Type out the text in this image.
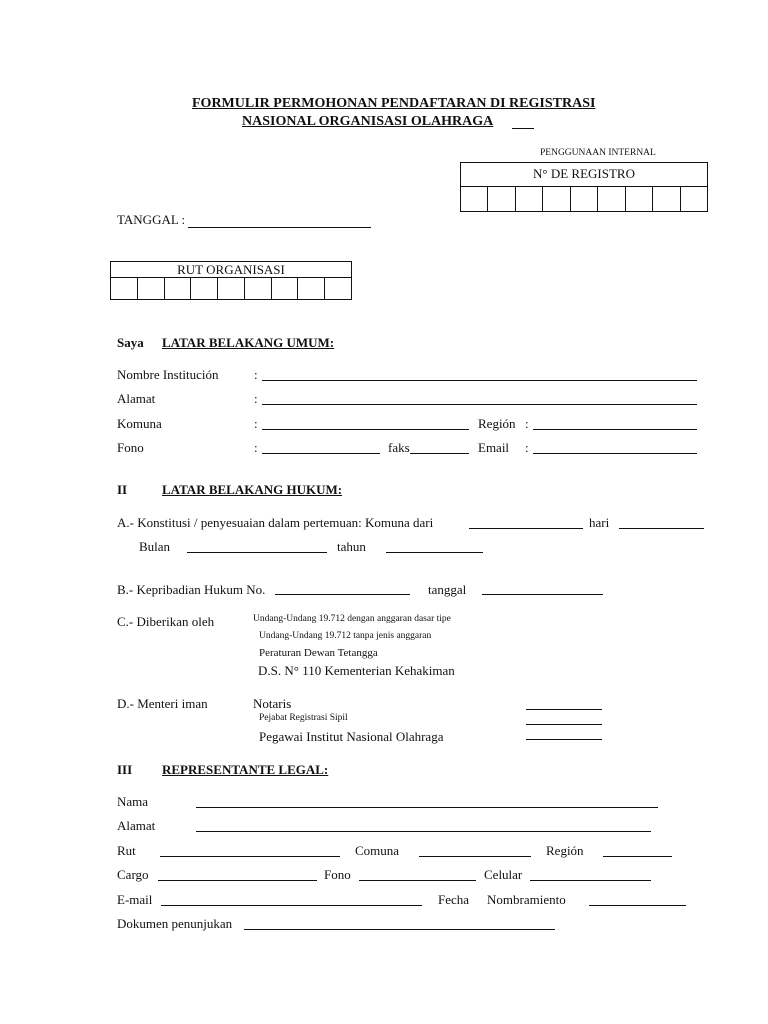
FORMULIR PERMOHONAN PENDAFTARAN DI REGISTRASI
NASIONAL ORGANISASI OLAHRAGA
PENGGUNAAN INTERNAL
N° DE REGISTRO
TANGGAL :
RUT ORGANISASI
Saya LATAR BELAKANG UMUM:
Nombre Institución	:
Alamat	:
Komuna	:	Región :
Fono	:	faks	Email :
II	LATAR BELAKANG HUKUM:
A.- Konstitusi / penyesuaian dalam pertemuan: Komuna dari	hari
Bulan	tahun
B.- Kepribadian Hukum No.	tanggal
C.- Diberikan oleh	Undang-Undang 19.712 dengan anggaran dasar tipe
Undang-Undang 19.712 tanpa jenis anggaran
Peraturan Dewan Tetangga
D.S. N° 110 Kementerian Kehakiman
D.- Menteri iman	Notaris
Pejabat Registrasi Sipil
Pegawai Institut Nasional Olahraga
III REPRESENTANTE LEGAL:
Nama
Alamat
Rut	Comuna	Región
Cargo	Fono	Celular
E-mail	Fecha Nombramiento
Dokumen penunjukan
